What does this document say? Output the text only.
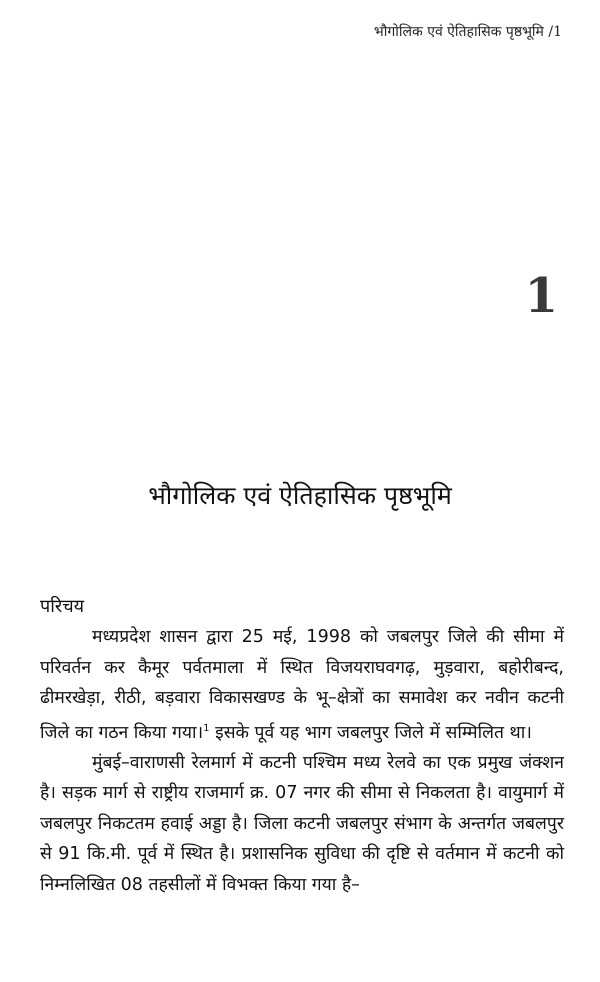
भौगोलिक एवं ऐतिहासिक पृष्ठभूमि /1
1
भौगोलिक एवं ऐतिहासिक पृष्ठभूमि
परिचय

मध्यप्रदेश शासन द्वारा 25 मई, 1998 को जबलपुर जिले की सीमा में परिवर्तन कर कैमूर पर्वतमाला में स्थित विजयराघवगढ़, मुड़वारा, बहोरीबन्द, ढीमरखेड़ा, रीठी, बड़वारा विकासखण्ड के भू–क्षेत्रों का समावेश कर नवीन कटनी जिले का गठन किया गया।$^1$ इसके पूर्व यह भाग जबलपुर जिले में सम्मिलित था।

मुंबई–वाराणसी रेलमार्ग में कटनी पश्चिम मध्य रेलवे का एक प्रमुख जंक्शन है। सड़क मार्ग से राष्ट्रीय राजमार्ग क्र. 07 नगर की सीमा से निकलता है। वायुमार्ग में जबलपुर निकटतम हवाई अड्डा है। जिला कटनी जबलपुर संभाग के अन्तर्गत जबलपुर से 91 कि.मी. पूर्व में स्थित है। प्रशासनिक सुविधा की दृष्टि से वर्तमान में कटनी को निम्नलिखित 08 तहसीलों में विभक्त किया गया है–
